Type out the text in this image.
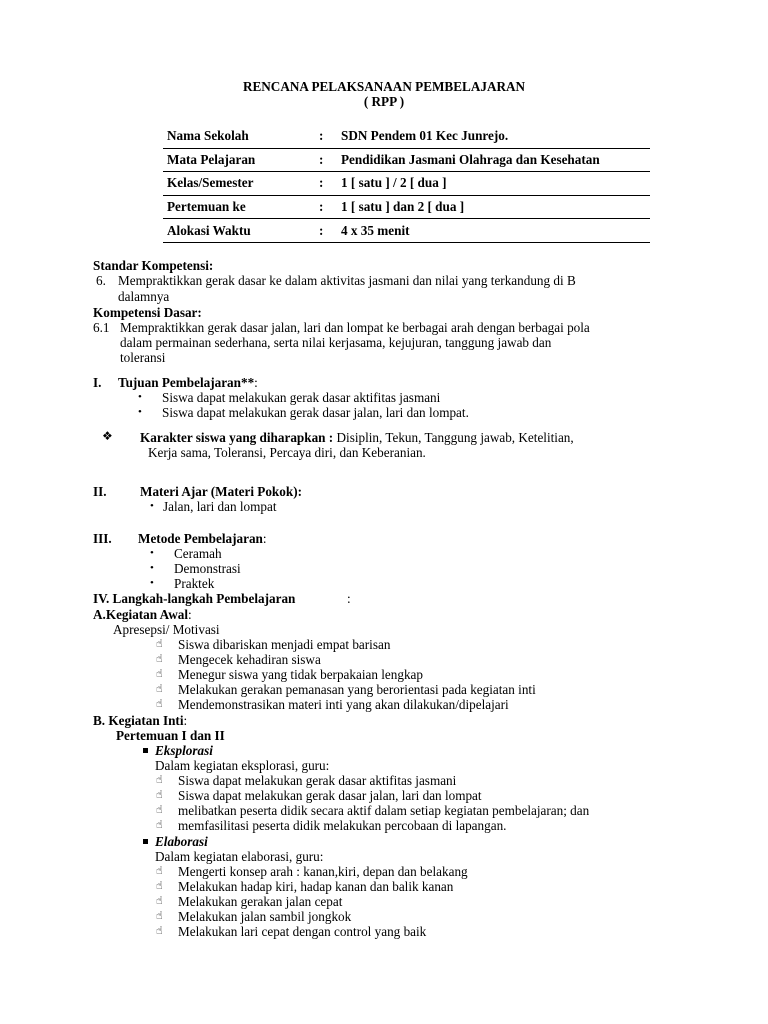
RENCANA PELAKSANAAN PEMBELAJARAN
( RPP )
Nama Sekolah	:	SDN Pendem 01 Kec Junrejo.
Mata Pelajaran	:	Pendidikan Jasmani Olahraga dan Kesehatan
Kelas/Semester	:	1 [ satu ] / 2 [ dua ]
Pertemuan ke	:	1 [ satu ] dan 2 [ dua ]
Alokasi Waktu	:	4 x 35 menit
Standar Kompetensi:
6. Mempraktikkan gerak dasar ke dalam aktivitas jasmani dan nilai yang terkandung di B
dalamnya
Kompetensi Dasar:
6.1 Mempraktikkan gerak dasar jalan, lari dan lompat ke berbagai arah dengan berbagai pola
dalam permainan sederhana, serta nilai kerjasama, kejujuran, tanggung jawab dan
toleransi
I. Tujuan Pembelajaran**:
• Siswa dapat melakukan gerak dasar aktifitas jasmani
• Siswa dapat melakukan gerak dasar jalan, lari dan lompat.
❖ Karakter siswa yang diharapkan : Disiplin, Tekun, Tanggung jawab, Ketelitian,
Kerja sama, Toleransi, Percaya diri, dan Keberanian.
II.	Materi Ajar (Materi Pokok):
• Jalan, lari dan lompat
III. Metode Pembelajaran:
• Ceramah
• Demonstrasi
• Praktek
IV. Langkah-langkah Pembelajaran	:
A.Kegiatan Awal:
Apresepsi/ Motivasi
☝ Siswa dibariskan menjadi empat barisan
☝ Mengecek kehadiran siswa
☝ Menegur siswa yang tidak berpakaian lengkap
☝ Melakukan gerakan pemanasan yang berorientasi pada kegiatan inti
☝ Mendemonstrasikan materi inti yang akan dilakukan/dipelajari
B. Kegiatan Inti:
Pertemuan I dan II
Eksplorasi
Dalam kegiatan eksplorasi, guru:
☝ Siswa dapat melakukan gerak dasar aktifitas jasmani
☝ Siswa dapat melakukan gerak dasar jalan, lari dan lompat
☝ melibatkan peserta didik secara aktif dalam setiap kegiatan pembelajaran; dan
☝ memfasilitasi peserta didik melakukan percobaan di lapangan.
Elaborasi
Dalam kegiatan elaborasi, guru:
☝ Mengerti konsep arah : kanan,kiri, depan dan belakang
☝ Melakukan hadap kiri, hadap kanan dan balik kanan
☝ Melakukan gerakan jalan cepat
☝ Melakukan jalan sambil jongkok
☝ Melakukan lari cepat dengan control yang baik
